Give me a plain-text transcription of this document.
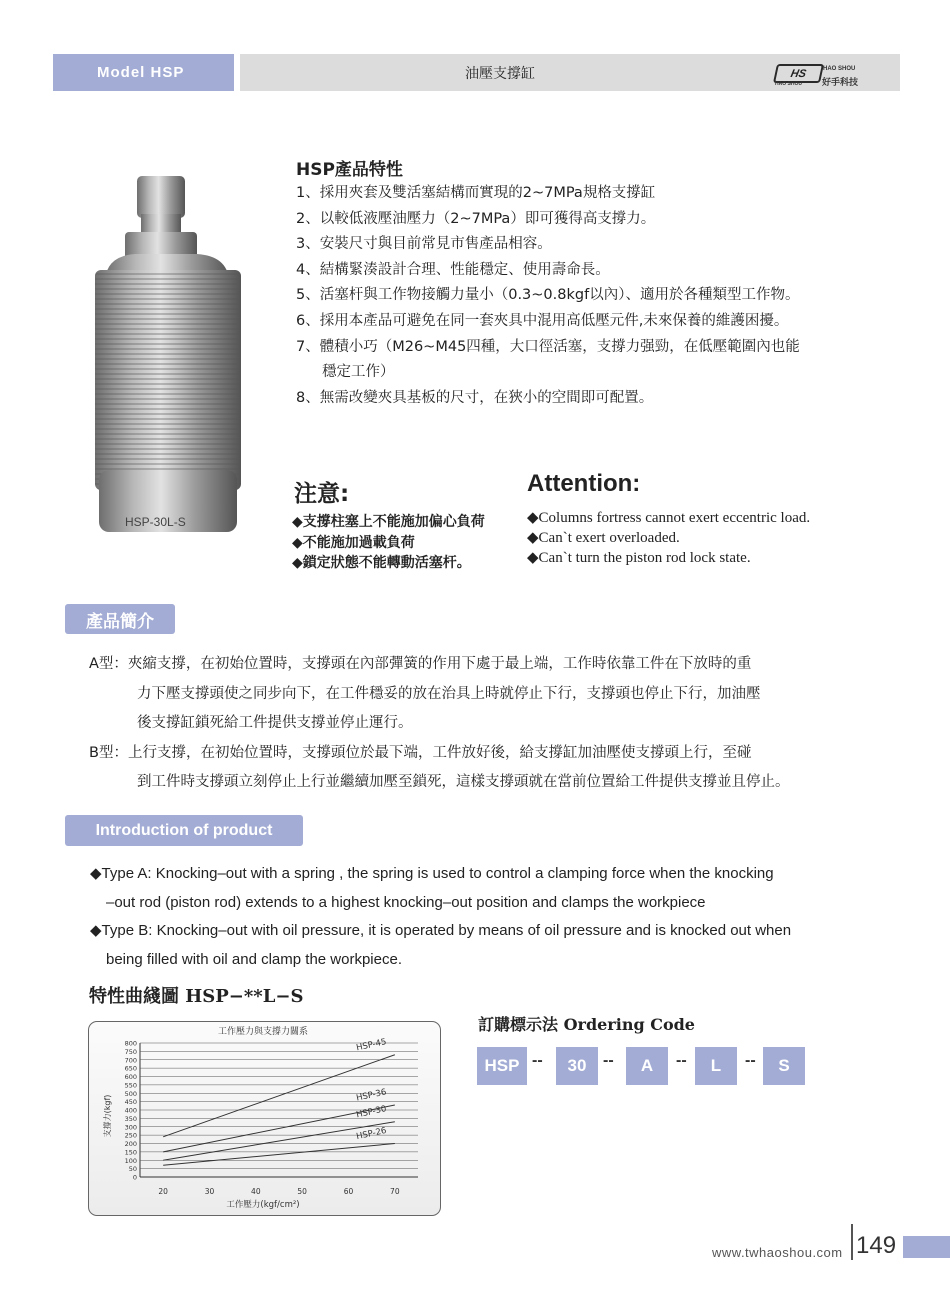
Model HSP	油壓支撐缸	HS	HAO SHOU
好手科技
HAO SHOU
HSP-30L-S
HSP產品特性
1、採用夾套及雙活塞結構而實現的2~7MPa規格支撐缸
2、以較低液壓油壓力（2~7MPa）即可獲得高支撐力。
3、安裝尺寸與目前常見市售產品相容。
4、結構緊湊設計合理、性能穩定、使用壽命長。
5、活塞杆與工作物接觸力量小（0.3~0.8kgf以內）、適用於各種類型工作物。
6、採用本產品可避免在同一套夾具中混用高低壓元件,未來保養的維護困擾。
7、體積小巧（M26~M45四種，大口徑活塞，支撐力强勁，在低壓範圍內也能穩定工作）
8、無需改變夾具基板的尺寸，在狹小的空間即可配置。
注意:
◆支撐柱塞上不能施加偏心負荷
◆不能施加過載負荷
◆鎖定狀態不能轉動活塞杆。
Attention:
◆Columns fortress cannot exert eccentric load.
◆Can`t exert overloaded.
◆Can`t turn the piston rod lock state.
產品簡介
A型：夾縮支撐，在初始位置時，支撐頭在內部彈簧的作用下處于最上端，工作時依靠工件在下放時的重
力下壓支撐頭使之同步向下，在工件穩妥的放在治具上時就停止下行，支撐頭也停止下行，加油壓
後支撐缸鎖死給工件提供支撐並停止運行。
B型：上行支撐，在初始位置時，支撐頭位於最下端，工件放好後，給支撐缸加油壓使支撐頭上行，至碰
到工件時支撐頭立刻停止上行並繼續加壓至鎖死，這樣支撐頭就在當前位置給工件提供支撐並且停止。
Introduction of product
◆Type A: Knocking–out with a spring , the spring is used to control a clamping force when the knocking
–out rod (piston rod) extends to a highest knocking–out position and clamps the workpiece
◆Type B: Knocking–out with oil pressure, it is operated by means of oil pressure and is knocked out when
being filled with oil and clamp the workpiece.
特性曲綫圖 HSP−**L−S
工作壓力與支撐力關系
支撐力(kgf)
工作壓力(kgf/cm²)
HSP-45
HSP-36
HSP-30
HSP-26
0
50
100
150
200
250
300
350
400
450
500
550
600
650
700
750
800
20	30	40	50	60	70
訂購標示法 Ordering Code
HSP --	30	--	A	--	L	--	S
www.twhaoshou.com 149
